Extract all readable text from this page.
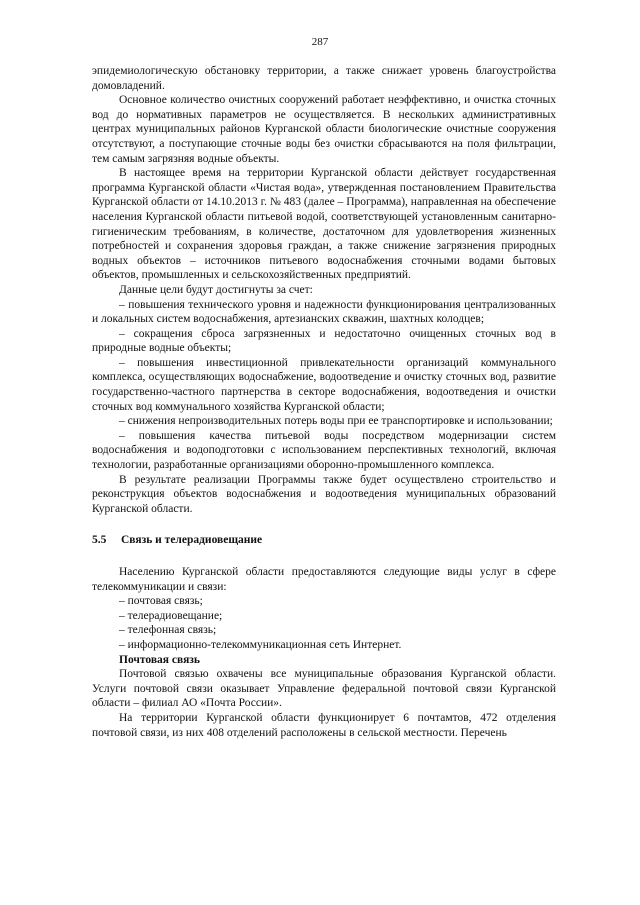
287

эпидемиологическую обстановку территории, а также снижает уровень благоустройства домовладений.

Основное количество очистных сооружений работает неэффективно, и очистка сточных вод до нормативных параметров не осуществляется. В нескольких административных центрах муниципальных районов Курганской области биологические очистные сооружения отсутствуют, а поступающие сточные воды без очистки сбрасываются на поля фильтрации, тем самым загрязняя водные объекты.

В настоящее время на территории Курганской области действует государственная программа Курганской области «Чистая вода», утвержденная постановлением Правительства Курганской области от 14.10.2013 г. № 483 (далее – Программа), направленная на обеспечение населения Курганской области питьевой водой, соответствующей установленным санитарно-гигиеническим требованиям, в количестве, достаточном для удовлетворения жизненных потребностей и сохранения здоровья граждан, а также снижение загрязнения природных водных объектов – источников питьевого водоснабжения сточными водами бытовых объектов, промышленных и сельскохозяйственных предприятий.

Данные цели будут достигнуты за счет:

– повышения технического уровня и надежности функционирования централизованных и локальных систем водоснабжения, артезианских скважин, шахтных колодцев;

– сокращения сброса загрязненных и недостаточно очищенных сточных вод в природные водные объекты;

– повышения инвестиционной привлекательности организаций коммунального комплекса, осуществляющих водоснабжение, водоотведение и очистку сточных вод, развитие государственно-частного партнерства в секторе водоснабжения, водоотведения и очистки сточных вод коммунального хозяйства Курганской области;

– снижения непроизводительных потерь воды при ее транспортировке и использовании;

– повышения качества питьевой воды посредством модернизации систем водоснабжения и водоподготовки с использованием перспективных технологий, включая технологии, разработанные организациями оборонно-промышленного комплекса.

В результате реализации Программы также будет осуществлено строительство и реконструкция объектов водоснабжения и водоотведения муниципальных образований Курганской области.

5.5 Связь и телерадиовещание

Населению Курганской области предоставляются следующие виды услуг в сфере телекоммуникации и связи:

– почтовая связь;

– телерадиовещание;

– телефонная связь;

– информационно-телекоммуникационная сеть Интернет.

Почтовая связь

Почтовой связью охвачены все муниципальные образования Курганской области. Услуги почтовой связи оказывает Управление федеральной почтовой связи Курганской области – филиал АО «Почта России».

На территории Курганской области функционирует 6 почтамтов, 472 отделения почтовой связи, из них 408 отделений расположены в сельской местности. Перечень
